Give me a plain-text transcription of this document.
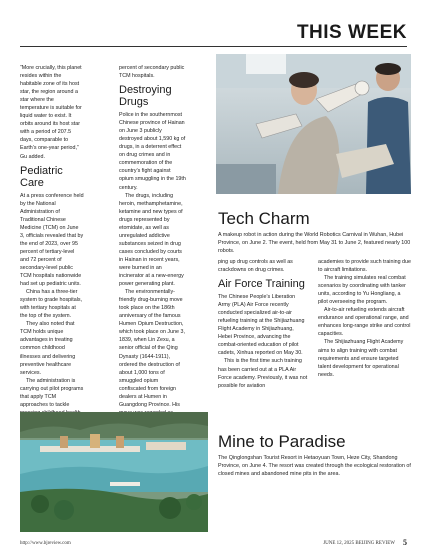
THIS WEEK
Tech Charm
A makeup robot in action during the World Robotics Carnival in Wuhan, Hubei Province, on June 2. The event, held from May 31 to June 2, featured nearly 100 robots.

“More crucially, this planet resides within the habitable zone of its host star, the region around a star where the temperature is suitable for liquid water to exist. It orbits around its host star with a period of 207.5 days, comparable to Earth’s one-year period,” Gu added.

Pediatric Care

At a press conference held by the National Administration of Traditional Chinese Medicine (TCM) on June 3, officials revealed that by the end of 2023, over 95 percent of tertiary-level and 72 percent of secondary-level public TCM hospitals nationwide had set up pediatric units.

China has a three-tier system to grade hospitals, with tertiary hospitals at the top of the system.

They also noted that TCM holds unique advantages in treating common childhood illnesses and delivering preventive healthcare services.

The administration is carrying out pilot programs that apply TCM approaches to tackle

percent of secondary public TCM hospitals.

Destroying Drugs

Police in the southernmost Chinese province of Hainan on June 3 publicly destroyed about 1,590 kg of drugs, in a deterrent effect on drug crimes and in commemoration of the country’s fight against opium smuggling in the 19th century.

The drugs, including heroin, methamphetamine, ketamine and new types of drugs represented by etomidate, as well as unregulated addictive substances seized in drug cases concluded by courts in Hainan in recent years, were burned in an incinerator at a new-energy power generating plant.

The environmentally-friendly drug-burning move took place on the 186th anniversary of the famous Humen Opium Destruction, which took place on June 3, 1839, when Lin Zexu, a senior official of the Qing Dynasty (1644-1911), ordered the destruction of about 1,000 tons of smuggled opium confiscated from foreign dealers at Humen in Guangdong Province. His

ping up drug controls as well as crackdowns on drug crimes.

Air Force Training

The Chinese People’s Liberation Army (PLA) Air Force recently conducted specialized air-to-air refueling training at the Shijiazhuang Flight Academy in Shijiazhuang, Hebei Province, advancing the combat-oriented education of pilot cadets, Xinhua reported on May 30.

This is the first time such training has been carried out at a PLA Air Force academy. Previously, it was not possible for aviation

academies to provide such training due to aircraft limitations.

The training simulates real combat scenarios by coordinating with tanker units, according to Yu Hongliang, a pilot overseeing the program.

Air-to-air refueling extends aircraft endurance and operational range, and enhances long-range strike and control capacities.

The Shijiazhuang Flight Academy aims to align training with combat requirements and ensure targeted talent development for operational needs.

Mine to Paradise
The Qinglongshan Tourist Resort in Hetaoyuan Town, Heze City, Shandong Province, on June 4. The resort was created through the ecological restoration of closed mines and abandoned mine pits in the area.
http://www.bjreview.com	JUNE 12, 2025 BEIJING REVIEW 5
